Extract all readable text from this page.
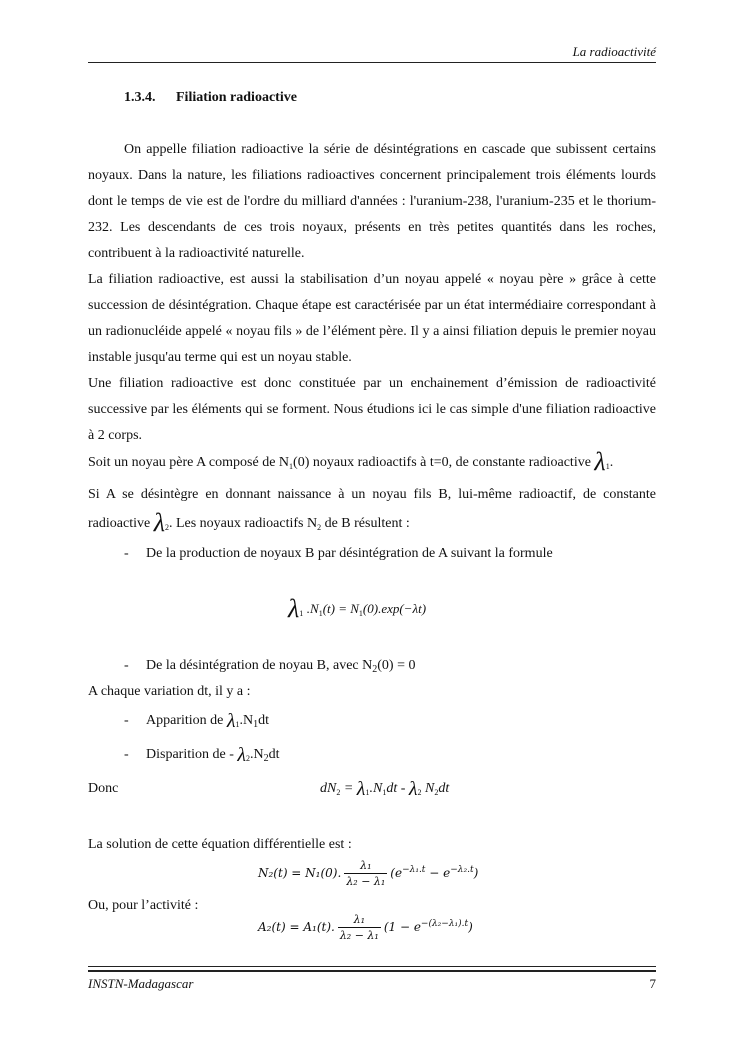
La radioactivité
1.3.4. Filiation radioactive

On appelle filiation radioactive la série de désintégrations en cascade que subissent certains noyaux. Dans la nature, les filiations radioactives concernent principalement trois éléments lourds dont le temps de vie est de l'ordre du milliard d'années : l'uranium-238, l'uranium-235 et le thorium-232. Les descendants de ces trois noyaux, présents en très petites quantités dans les roches, contribuent à la radioactivité naturelle.

La filiation radioactive, est aussi la stabilisation d’un noyau appelé « noyau père » grâce à cette succession de désintégration. Chaque étape est caractérisée par un état intermédiaire correspondant à un radionucléide appelé « noyau fils » de l’élément père. Il y a ainsi filiation depuis le premier noyau instable jusqu'au terme qui est un noyau stable.

Une filiation radioactive est donc constituée par un enchainement d’émission de radioactivité successive par les éléments qui se forment. Nous étudions ici le cas simple d'une filiation radioactive à 2 corps.

Soit un noyau père A composé de $N_1(0)$ noyaux radioactifs à t=0, de constante radioactive $\lambda_1$.
Si A se désintègre en donnant naissance à un noyau fils B, lui-même radioactif, de constante
radioactive $\lambda_2$. Les noyaux radioactifs $N_2$ de B résultent :
- De la production de noyaux B par désintégration de A suivant la formule
$\lambda_1$ $.N_1(t) = N_1(0).\exp(-\lambda t)$
- De la désintégration de noyau B, avec $N_2(0) = 0$
A chaque variation dt, il y a :
- Apparition de $\lambda_1.N_1dt$
- Disparition de - $\lambda_2.N_2dt$
Donc	$dN_2 = \lambda_1.N_1dt - \lambda_2$ $N_2dt$
La solution de cette équation différentielle est :
N₂(t) = N₁(0). $\frac{\text{λ₁}}{\text{λ₂ − λ₁}} (e^{-\lambda_1.t} - e^{-\lambda_2.t})$
Ou, pour l’activité :
A₂(t) = A₁(t). $\frac{\text{λ₁}}{\text{λ₂ − λ₁}} (1 - e^{-(\lambda_2-\lambda_1).t})$
INSTN-Madagascar	7
